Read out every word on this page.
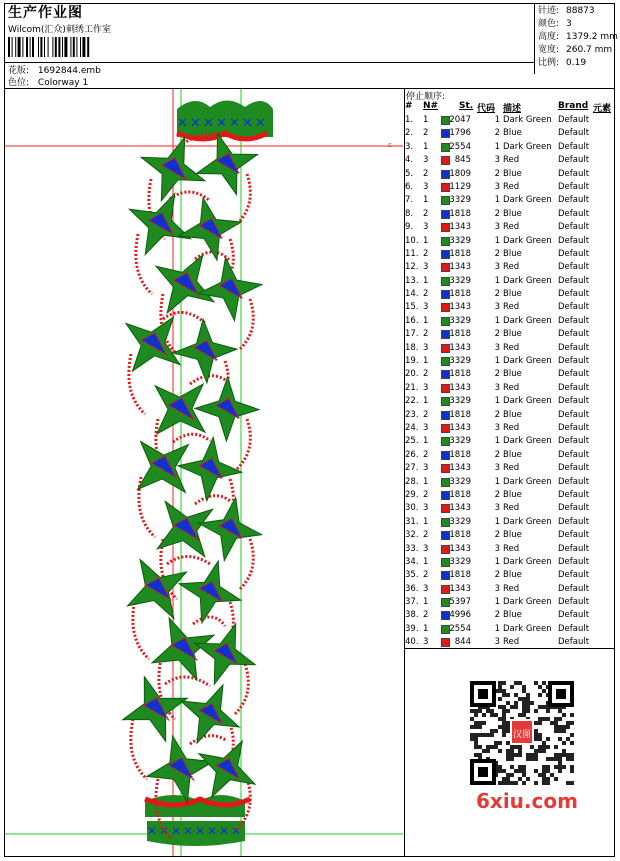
生产作业图
Wilcom(汇众)刺绣工作室
花版: 1692844.emb
色位: Colorway 1
针迹: 88873
颜色: 3
高度: 1379.2 mm
宽度: 260.7 mm
比例: 0.19
c
✕ ✕ ✕ ✕ ✕ ✕ ✕
✕ ✕ ✕ ✕ ✕ ✕ ✕ ✕
停止顺序:
# N# St. 代码 描述	Brand 元素
1. 1 2047	1 Dark Green Default
2. 2 1796	2 Blue	Default
3. 1 2554	1 Dark Green Default
4. 3	845	3 Red	Default
5. 2 1809	2 Blue	Default
6. 3 1129	3 Red	Default
7. 1 3329	1 Dark Green Default
8. 2 1818	2 Blue	Default
9. 3 1343	3 Red	Default
10. 1 3329	1 Dark Green Default
11. 2 1818	2 Blue	Default
12. 3 1343	3 Red	Default
13. 1 3329	1 Dark Green Default
14. 2 1818	2 Blue	Default
15. 3 1343	3 Red	Default
16. 1 3329	1 Dark Green Default
17. 2 1818	2 Blue	Default
18. 3 1343	3 Red	Default
19. 1 3329	1 Dark Green Default
20. 2 1818	2 Blue	Default
21. 3 1343	3 Red	Default
22. 1 3329	1 Dark Green Default
23. 2 1818	2 Blue	Default
24. 3 1343	3 Red	Default
25. 1 3329	1 Dark Green Default
26. 2 1818	2 Blue	Default
27. 3 1343	3 Red	Default
28. 1 3329	1 Dark Green Default
29. 2 1818	2 Blue	Default
30. 3 1343	3 Red	Default
31. 1 3329	1 Dark Green Default
32. 2 1818	2 Blue	Default
33. 3 1343	3 Red	Default
34. 1 3329	1 Dark Green Default
35. 2 1818	2 Blue	Default
36. 3 1343	3 Red	Default
37. 1 5397	1 Dark Green Default
38. 2 4996	2 Blue	Default
39. 1 2554	1 Dark Green Default
40. 3	844	3 Red	Default
汉图
6xiu.com
